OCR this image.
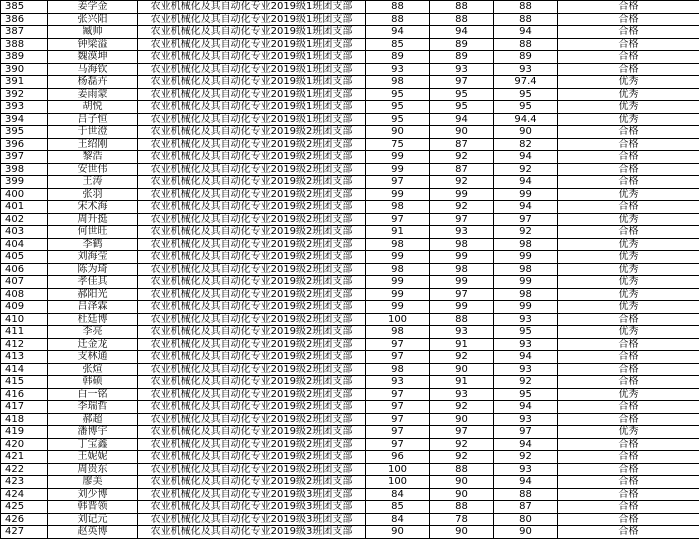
385	姜学金	农业机械化及其自动化专业2019级1班团支部	88	88	88	合格
386	张兴阳	农业机械化及其自动化专业2019级1班团支部	88	88	88	合格
387	臧帅	农业机械化及其自动化专业2019级1班团支部	94	94	94	合格
388	钟梁溢	农业机械化及其自动化专业2019级1班团支部	85	89	88	合格
389	魏漠坤	农业机械化及其自动化专业2019级1班团支部	89	89	89	合格
390	马海钦	农业机械化及其自动化专业2019级1班团支部	93	93	93	合格
391	杨磊卉	农业机械化及其自动化专业2019级1班团支部	98	97	97.4	优秀
392	姜雨蒙	农业机械化及其自动化专业2019级1班团支部	95	95	95	优秀
393	胡悦	农业机械化及其自动化专业2019级1班团支部	95	95	95	优秀
394	吕子恒	农业机械化及其自动化专业2019级1班团支部	95	94	94.4	优秀
395	于世澄	农业机械化及其自动化专业2019级2班团支部	90	90	90	合格
396	王绍刚	农业机械化及其自动化专业2019级2班团支部	75	87	82	合格
397	黎浩	农业机械化及其自动化专业2019级2班团支部	99	92	94	合格
398	安世伟	农业机械化及其自动化专业2019级2班团支部	99	87	92	合格
399	王涛	农业机械化及其自动化专业2019级2班团支部	97	92	94	合格
400	张羽	农业机械化及其自动化专业2019级2班团支部	99	99	99	优秀
401	宋术海	农业机械化及其自动化专业2019级2班团支部	98	92	94	合格
402	周升挺	农业机械化及其自动化专业2019级2班团支部	97	97	97	优秀
403	何世旺	农业机械化及其自动化专业2019级2班团支部	91	93	92	合格
404	李鹤	农业机械化及其自动化专业2019级2班团支部	98	98	98	优秀
405	刘海莹	农业机械化及其自动化专业2019级2班团支部	99	99	99	优秀
406	陈为琦	农业机械化及其自动化专业2019级2班团支部	98	98	98	优秀
407	孝佳其	农业机械化及其自动化专业2019级2班团支部	99	99	99	优秀
408	郝阳光	农业机械化及其自动化专业2019级2班团支部	99	97	98	优秀
409	吕泽霖	农业机械化及其自动化专业2019级2班团支部	99	99	99	优秀
410	杜廷博	农业机械化及其自动化专业2019级2班团支部	100	88	93	合格
411	李亮	农业机械化及其自动化专业2019级2班团支部	98	93	95	优秀
412	迁金龙	农业机械化及其自动化专业2019级2班团支部	97	91	93	合格
413	支林通	农业机械化及其自动化专业2019级2班团支部	97	92	94	合格
414	张煊	农业机械化及其自动化专业2019级2班团支部	98	90	93	合格
415	韩硕	农业机械化及其自动化专业2019级2班团支部	93	91	92	合格
416	白一铭	农业机械化及其自动化专业2019级2班团支部	97	93	95	优秀
417	李瑞哲	农业机械化及其自动化专业2019级2班团支部	97	92	94	合格
418	郝超	农业机械化及其自动化专业2019级2班团支部	97	90	93	合格
419	潘博宇	农业机械化及其自动化专业2019级2班团支部	97	97	97	优秀
420	丁宝鑫	农业机械化及其自动化专业2019级2班团支部	97	92	94	合格
421	王妮妮	农业机械化及其自动化专业2019级2班团支部	96	92	92	合格
422	周贵东	农业机械化及其自动化专业2019级2班团支部	100	88	93	合格
423	廖美	农业机械化及其自动化专业2019级2班团支部	100	90	94	合格
424	刘少博	农业机械化及其自动化专业2019级3班团支部	84	90	88	合格
425	韩晋领	农业机械化及其自动化专业2019级3班团支部	85	88	87	合格
426	刘记元	农业机械化及其自动化专业2019级3班团支部	84	78	80	合格
427	赵英博	农业机械化及其自动化专业2019级3班团支部	90	90	90	合格
